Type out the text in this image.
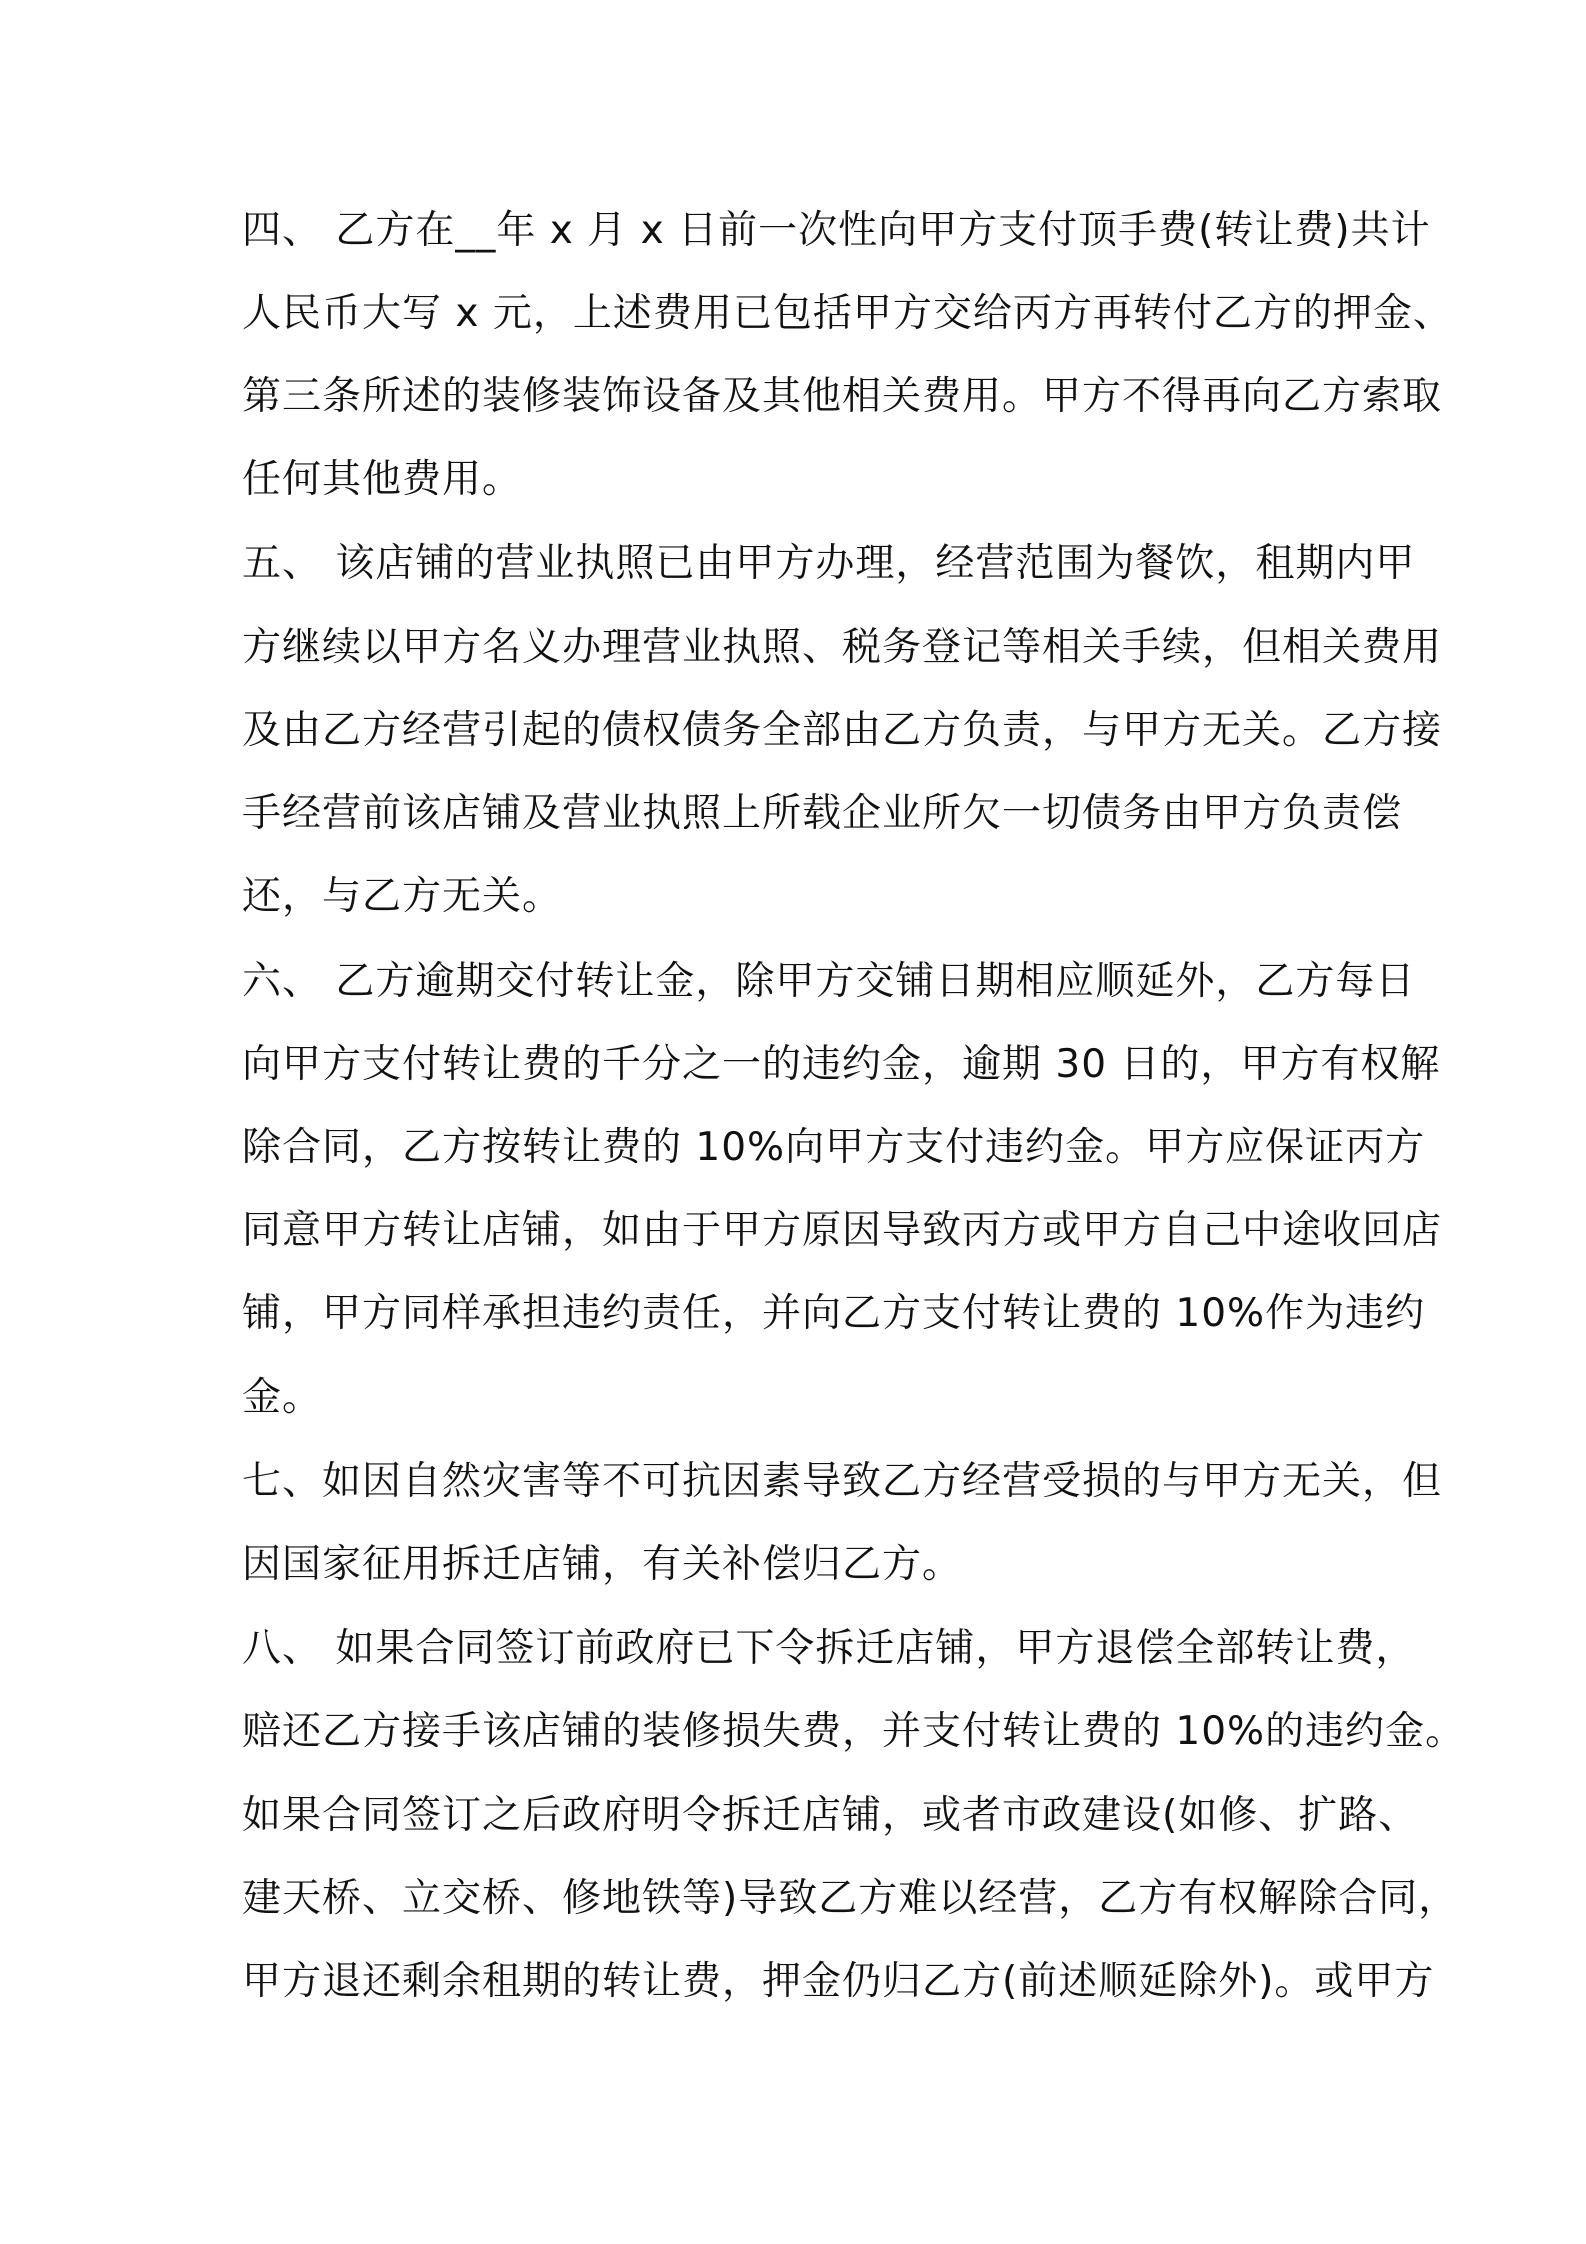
四、 乙方在__年 x 月 x 日前一次性向甲方支付顶手费(转让费)共计
人民币大写 x 元，上述费用已包括甲方交给丙方再转付乙方的押金、
第三条所述的装修装饰设备及其他相关费用。甲方不得再向乙方索取
任何其他费用。
五、 该店铺的营业执照已由甲方办理，经营范围为餐饮，租期内甲
方继续以甲方名义办理营业执照、税务登记等相关手续，但相关费用
及由乙方经营引起的债权债务全部由乙方负责，与甲方无关。乙方接
手经营前该店铺及营业执照上所载企业所欠一切债务由甲方负责偿
还，与乙方无关。
六、 乙方逾期交付转让金，除甲方交铺日期相应顺延外，乙方每日
向甲方支付转让费的千分之一的违约金，逾期 30 日的，甲方有权解
除合同，乙方按转让费的 10%向甲方支付违约金。甲方应保证丙方
同意甲方转让店铺，如由于甲方原因导致丙方或甲方自己中途收回店
铺，甲方同样承担违约责任，并向乙方支付转让费的 10%作为违约
金。
七、如因自然灾害等不可抗因素导致乙方经营受损的与甲方无关，但
因国家征用拆迁店铺，有关补偿归乙方。
八、 如果合同签订前政府已下令拆迁店铺，甲方退偿全部转让费，
赔还乙方接手该店铺的装修损失费，并支付转让费的 10%的违约金。
如果合同签订之后政府明令拆迁店铺，或者市政建设(如修、扩路、
建天桥、立交桥、修地铁等)导致乙方难以经营，乙方有权解除合同，
甲方退还剩余租期的转让费，押金仍归乙方(前述顺延除外)。或甲方
